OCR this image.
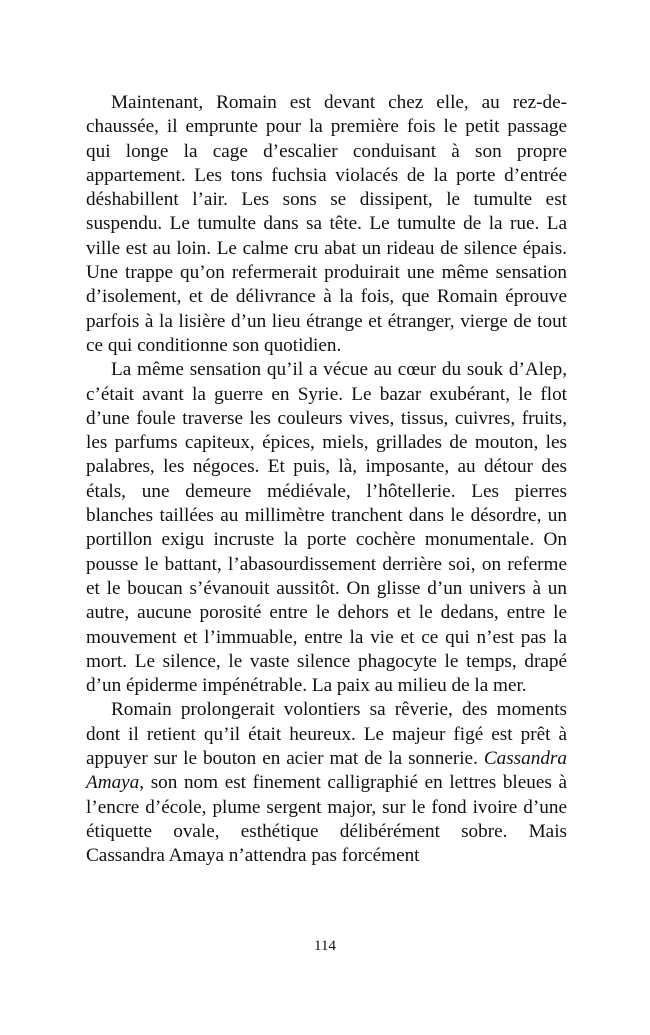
Maintenant, Romain est devant chez elle, au rez-de-chaussée, il emprunte pour la première fois le petit passage qui longe la cage d’escalier conduisant à son propre appartement. Les tons fuchsia violacés de la porte d’entrée déshabillent l’air. Les sons se dissipent, le tumulte est suspendu. Le tumulte dans sa tête. Le tumulte de la rue. La ville est au loin. Le calme cru abat un rideau de silence épais. Une trappe qu’on refermerait produirait une même sensation d’isolement, et de délivrance à la fois, que Romain éprouve parfois à la lisière d’un lieu étrange et étranger, vierge de tout ce qui conditionne son quotidien.

La même sensation qu’il a vécue au cœur du souk d’Alep, c’était avant la guerre en Syrie. Le bazar exubérant, le flot d’une foule traverse les couleurs vives, tissus, cuivres, fruits, les parfums capiteux, épices, miels, grillades de mouton, les palabres, les négoces. Et puis, là, imposante, au détour des étals, une demeure médiévale, l’hôtellerie. Les pierres blanches taillées au millimètre tranchent dans le désordre, un portillon exigu incruste la porte cochère monumentale. On pousse le battant, l’abasourdissement derrière soi, on referme et le boucan s’évanouit aussitôt. On glisse d’un univers à un autre, aucune porosité entre le dehors et le dedans, entre le mouvement et l’immuable, entre la vie et ce qui n’est pas la mort. Le silence, le vaste silence phagocyte le temps, drapé d’un épiderme impénétrable. La paix au milieu de la mer.

Romain prolongerait volontiers sa rêverie, des moments dont il retient qu’il était heureux. Le majeur figé est prêt à appuyer sur le bouton en acier mat de la sonnerie. Cassandra Amaya, son nom est finement calligraphié en lettres bleues à l’encre d’école, plume sergent major, sur le fond ivoire d’une étiquette ovale, esthétique délibérément sobre. Mais Cassandra Amaya n’attendra pas forcément

114
